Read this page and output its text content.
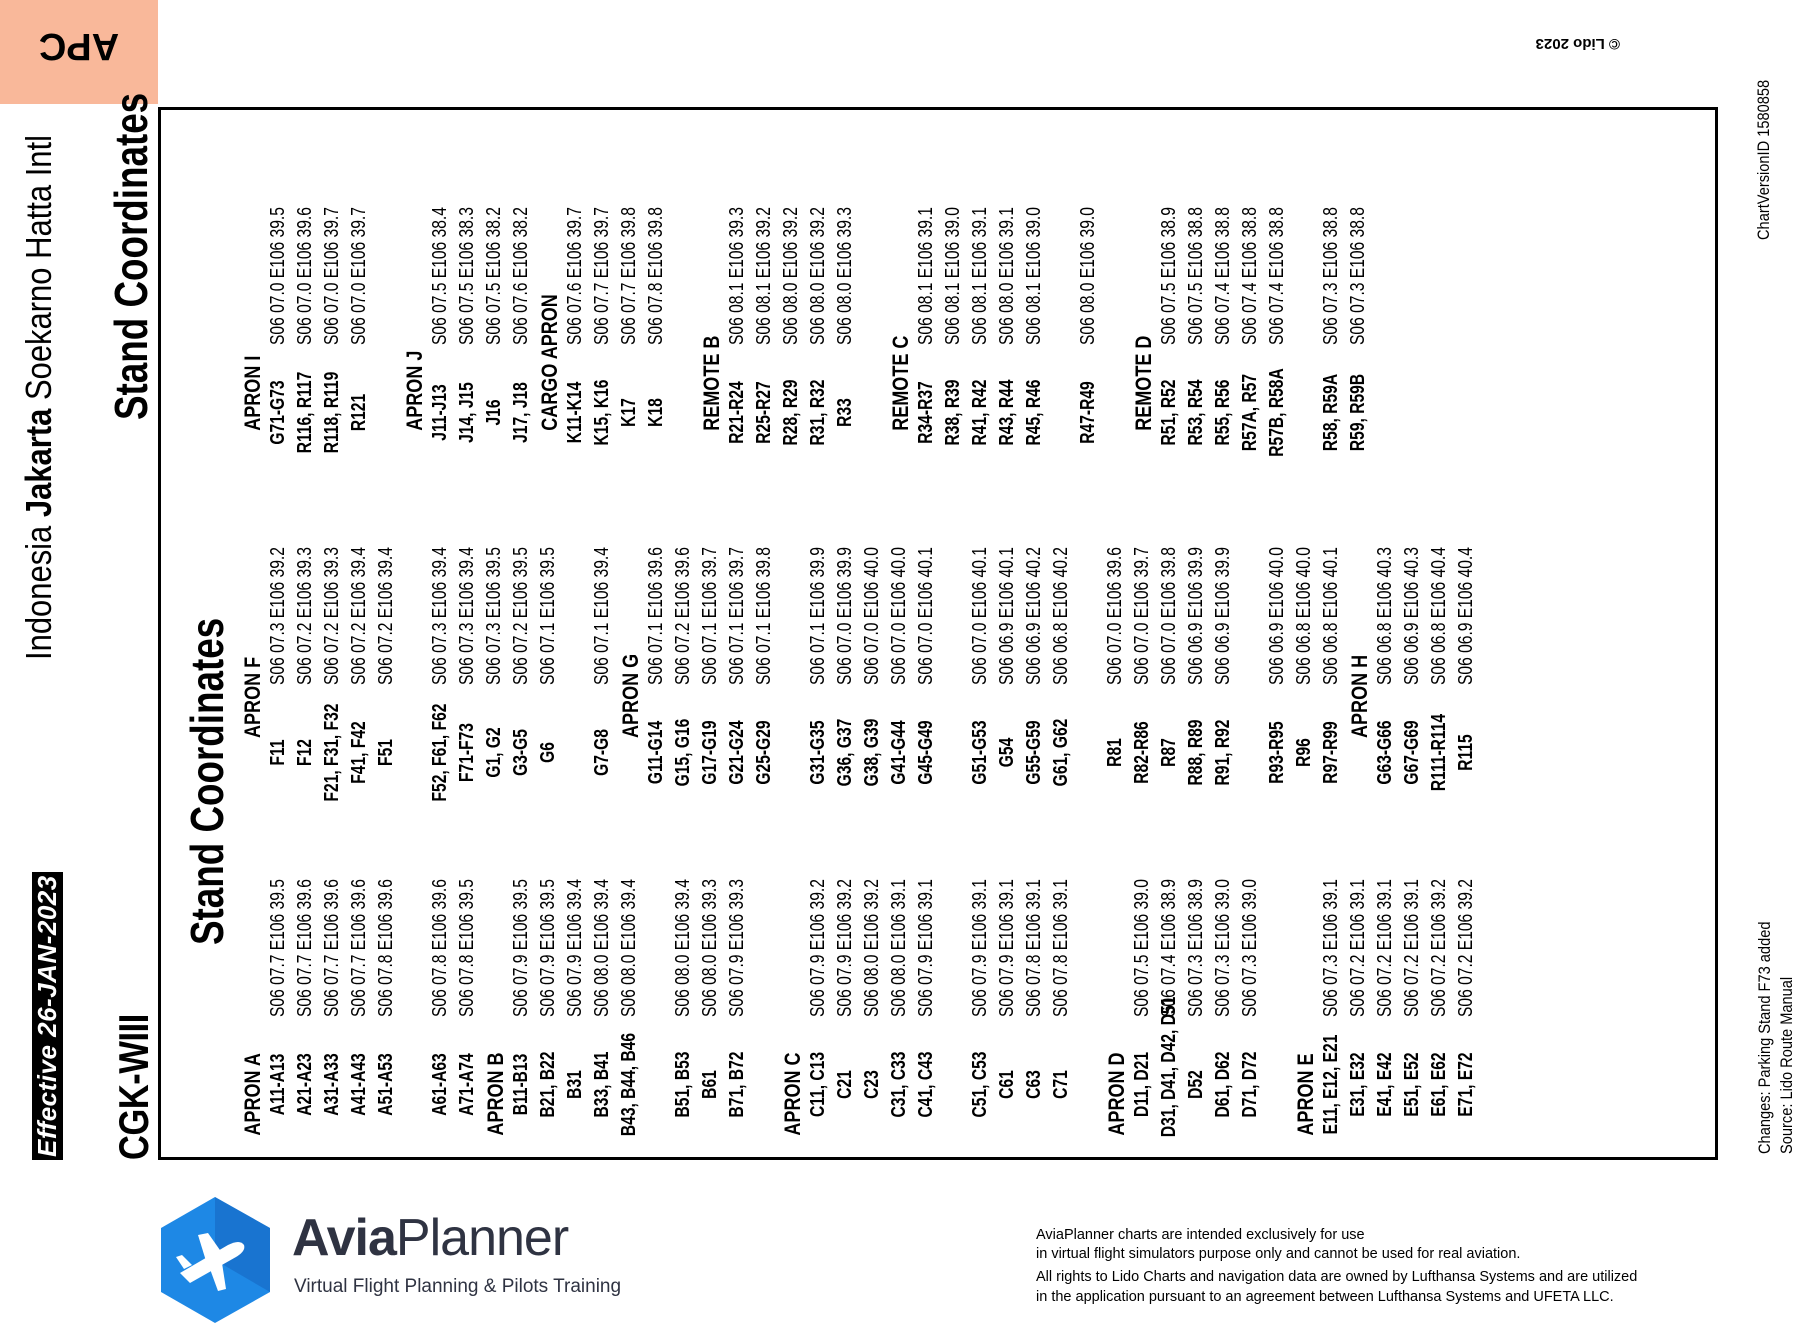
APC	© Lido 2023
Effective 26-JAN-2023 CGK-WIII
Indonesia Jakarta Soekarno Hatta Intl Stand Coordinates
Stand Coordinates
APRON A A11-A13
S06 07.7 E106 39.5
A21-A23
S06 07.7 E106 39.6
A31-A33
S06 07.7 E106 39.6
A41-A43
S06 07.7 E106 39.6
A51-A53
S06 07.8 E106 39.6
A61-A63
S06 07.8 E106 39.6
A71-A74
S06 07.8 E106 39.5
APRON B B11-B13
S06 07.9 E106 39.5
B21, B22
S06 07.9 E106 39.5
B31
S06 07.9 E106 39.4
B33, B41
S06 08.0 E106 39.4
B43, B44, B46
S06 08.0 E106 39.4
B51, B53
S06 08.0 E106 39.4
B61
S06 08.0 E106 39.3
B71, B72
S06 07.9 E106 39.3
APRON C C11, C13
S06 07.9 E106 39.2
C21
S06 07.9 E106 39.2
C23
S06 08.0 E106 39.2
C31, C33
S06 08.0 E106 39.1
C41, C43
S06 07.9 E106 39.1
C51, C53
S06 07.9 E106 39.1
C61
S06 07.9 E106 39.1
C63
S06 07.8 E106 39.1
C71
S06 07.8 E106 39.1
APRON D D11, D21
S06 07.5 E106 39.0
D31, D41, D42, D51
S06 07.4 E106 38.9
D52
S06 07.3 E106 38.9
D61, D62
S06 07.3 E106 39.0
D71, D72
S06 07.3 E106 39.0
APRON E E11, E12, E21
S06 07.3 E106 39.1
E31, E32
S06 07.2 E106 39.1
E41, E42
S06 07.2 E106 39.1
E51, E52
S06 07.2 E106 39.1
E61, E62
S06 07.2 E106 39.2
E71, E72
S06 07.2 E106 39.2
APRON F
F11
S06 07.3 E106 39.2
F12
S06 07.2 E106 39.3
F21, F31, F32
S06 07.2 E106 39.3
F41, F42
S06 07.2 E106 39.4
F51
S06 07.2 E106 39.4
F52, F61, F62
S06 07.3 E106 39.4
F71-F73
S06 07.3 E106 39.4
G1, G2
S06 07.3 E106 39.5
G3-G5
S06 07.2 E106 39.5
G6
S06 07.1 E106 39.5
G7-G8
S06 07.1 E106 39.4
APRON G
G11-G14
S06 07.1 E106 39.6
G15, G16
S06 07.2 E106 39.6
G17-G19
S06 07.1 E106 39.7
G21-G24
S06 07.1 E106 39.7
G25-G29
S06 07.1 E106 39.8
G31-G35
S06 07.1 E106 39.9
G36, G37
S06 07.0 E106 39.9
G38, G39
S06 07.0 E106 40.0
G41-G44
S06 07.0 E106 40.0
G45-G49
S06 07.0 E106 40.1
G51-G53
S06 07.0 E106 40.1
G54
S06 06.9 E106 40.1
G55-G59
S06 06.9 E106 40.2
G61, G62
S06 06.8 E106 40.2
R81
S06 07.0 E106 39.6
R82-R86
S06 07.0 E106 39.7
R87
S06 07.0 E106 39.8
R88, R89
S06 06.9 E106 39.9
R91, R92
S06 06.9 E106 39.9
R93-R95
S06 06.9 E106 40.0
R96
S06 06.8 E106 40.0
R97-R99
S06 06.8 E106 40.1
APRON H
G63-G66
S06 06.8 E106 40.3
G67-G69
S06 06.9 E106 40.3
R111-R114
S06 06.8 E106 40.4
R115
S06 06.9 E106 40.4
APRON I G71-G73
S06 07.0 E106 39.5
R116, R117
S06 07.0 E106 39.6
R118, R119
S06 07.0 E106 39.7
R121
S06 07.0 E106 39.7
APRON J J11-J13
S06 07.5 E106 38.4
J14, J15
S06 07.5 E106 38.3
J16
S06 07.5 E106 38.2
J17, J18
S06 07.6 E106 38.2
CARGO APRON K11-K14
S06 07.6 E106 39.7
K15, K16
S06 07.7 E106 39.7
K17
S06 07.7 E106 39.8
K18
S06 07.8 E106 39.8
REMOTE B R21-R24
S06 08.1 E106 39.3
R25-R27
S06 08.1 E106 39.2
R28, R29
S06 08.0 E106 39.2
R31, R32
S06 08.0 E106 39.2
R33
S06 08.0 E106 39.3
REMOTE C R34-R37
S06 08.1 E106 39.1
R38, R39
S06 08.1 E106 39.0
R41, R42
S06 08.1 E106 39.1
R43, R44
S06 08.0 E106 39.1
R45, R46
S06 08.1 E106 39.0
R47-R49
S06 08.0 E106 39.0
REMOTE D R51, R52
S06 07.5 E106 38.9
R53, R54
S06 07.5 E106 38.8
R55, R56
S06 07.4 E106 38.8
R57A, R57
S06 07.4 E106 38.8
R57B, R58A
S06 07.4 E106 38.8
R58, R59A
S06 07.3 E106 38.8
R59, R59B
S06 07.3 E106 38.8
Changes: Parking Stand F73 added Source: Lido Route Manual
ChartVersionID 1580858
AviaPlanner
Virtual Flight Planning & Pilots Training
AviaPlanner charts are intended exclusively for use
in virtual flight simulators purpose only and cannot be used for real aviation.
All rights to Lido Charts and navigation data are owned by Lufthansa Systems and are utilized
in the application pursuant to an agreement between Lufthansa Systems and UFETA LLC.
